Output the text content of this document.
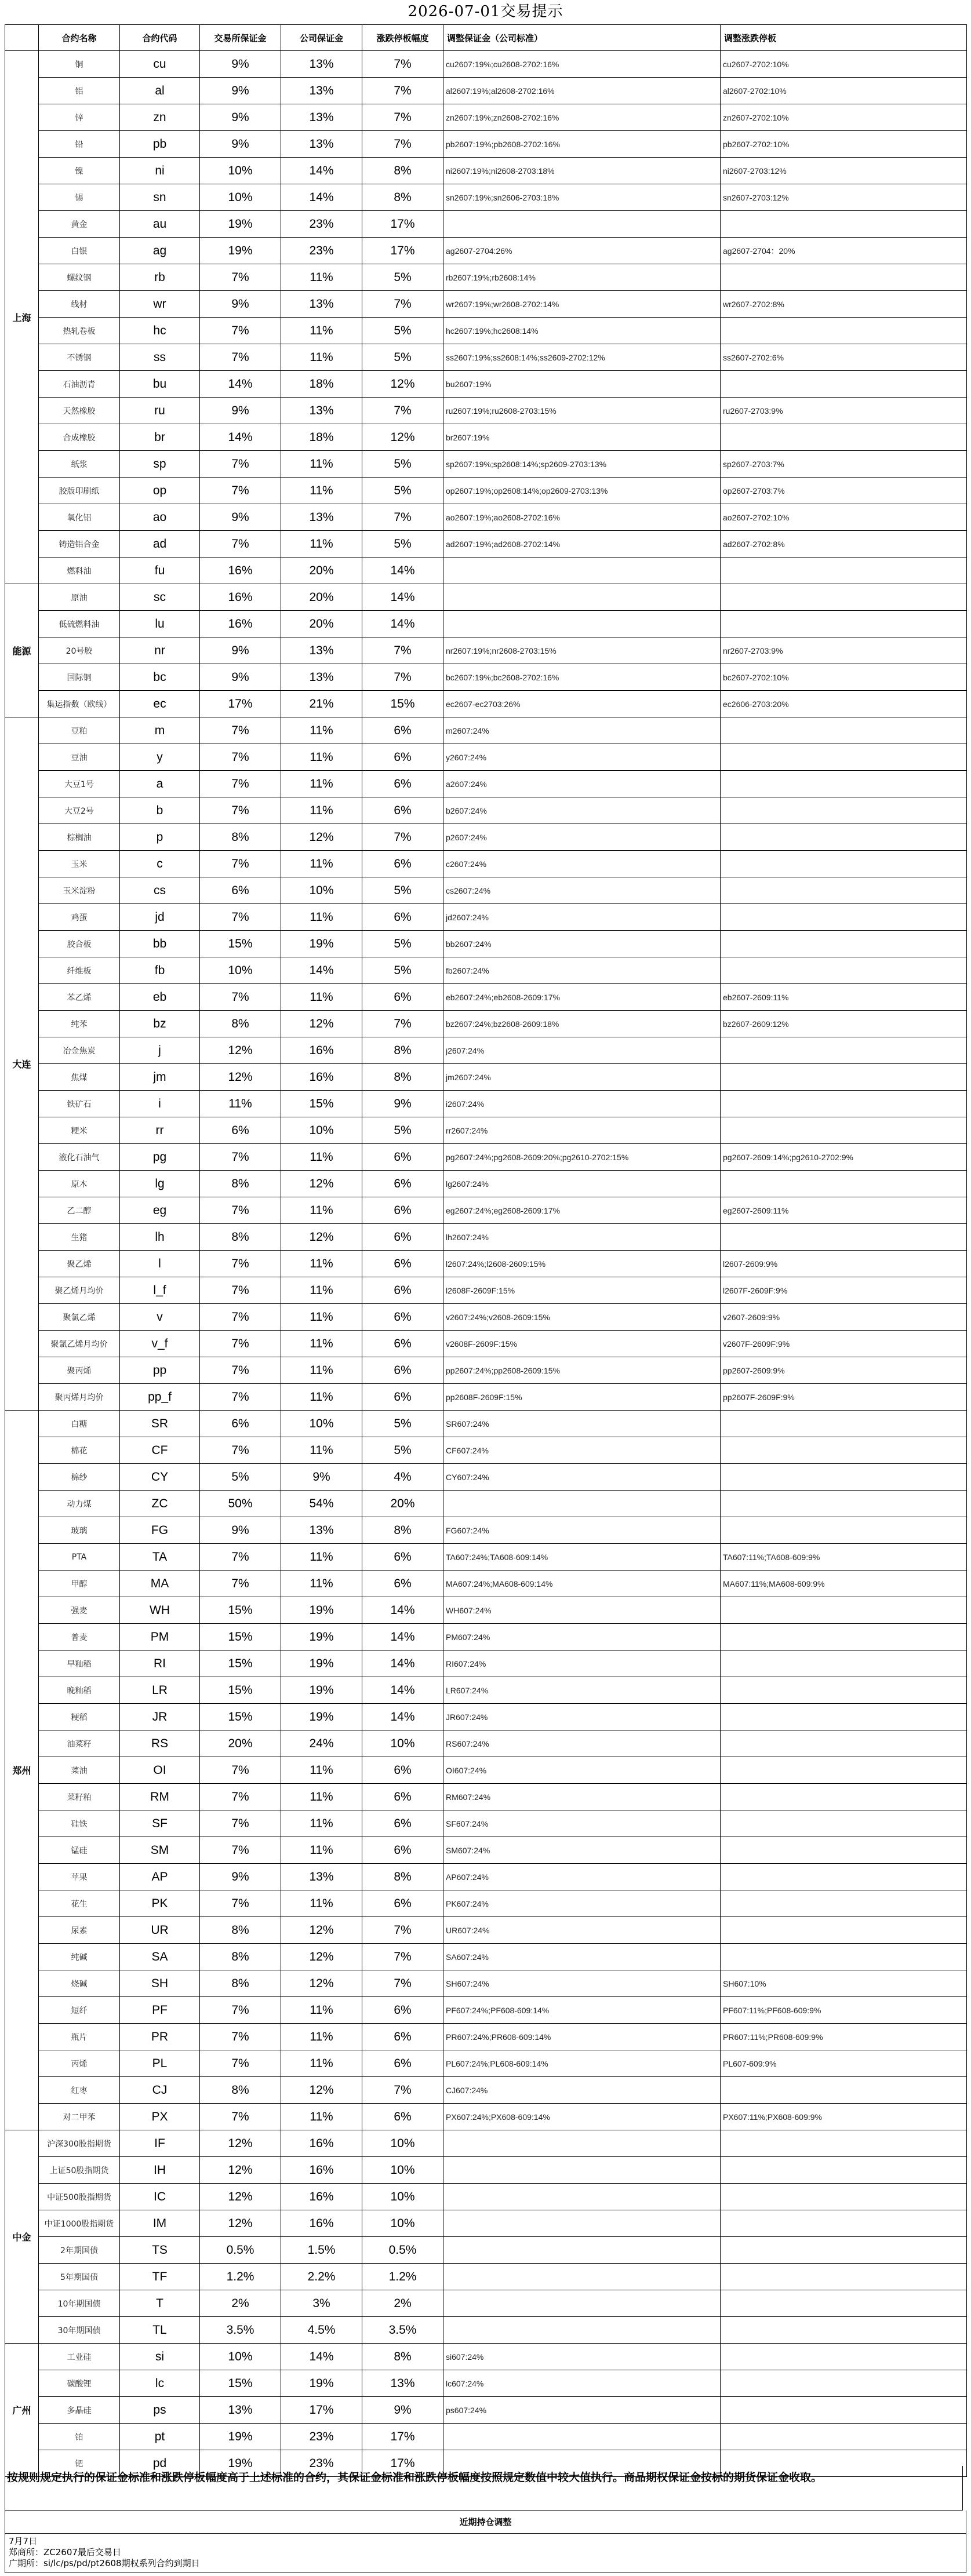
2026-07-01交易提示
	合约名称	合约代码	交易所保证金	公司保证金	涨跌停板幅度	调整保证金（公司标准）	调整涨跌停板
上海	铜	cu	9%	13%	7%	cu2607:19%;cu2608-2702:16%	cu2607-2702:10%
	铝	al	9%	13%	7%	al2607:19%;al2608-2702:16%	al2607-2702:10%
	锌	zn	9%	13%	7%	zn2607:19%;zn2608-2702:16%	zn2607-2702:10%
	铅	pb	9%	13%	7%	pb2607:19%;pb2608-2702:16%	pb2607-2702:10%
	镍	ni	10%	14%	8%	ni2607:19%;ni2608-2703:18%	ni2607-2703:12%
	锡	sn	10%	14%	8%	sn2607:19%;sn2606-2703:18%	sn2607-2703:12%
	黄金	au	19%	23%	17%		
	白银	ag	19%	23%	17%	ag2607-2704:26%	ag2607-2704：20%
	螺纹钢	rb	7%	11%	5%	rb2607:19%;rb2608:14%	
	线材	wr	9%	13%	7%	wr2607:19%;wr2608-2702:14%	wr2607-2702:8%
	热轧卷板	hc	7%	11%	5%	hc2607:19%;hc2608:14%	
	不锈钢	ss	7%	11%	5%	ss2607:19%;ss2608:14%;ss2609-2702:12%	ss2607-2702:6%
	石油沥青	bu	14%	18%	12%	bu2607:19%	
	天然橡胶	ru	9%	13%	7%	ru2607:19%;ru2608-2703:15%	ru2607-2703:9%
	合成橡胶	br	14%	18%	12%	br2607:19%	
	纸浆	sp	7%	11%	5%	sp2607:19%;sp2608:14%;sp2609-2703:13%	sp2607-2703:7%
	胶版印刷纸	op	7%	11%	5%	op2607:19%;op2608:14%;op2609-2703:13%	op2607-2703:7%
	氧化铝	ao	9%	13%	7%	ao2607:19%;ao2608-2702:16%	ao2607-2702:10%
	铸造铝合金	ad	7%	11%	5%	ad2607:19%;ad2608-2702:14%	ad2607-2702:8%
	燃料油	fu	16%	20%	14%		
能源	原油	sc	16%	20%	14%		
	低硫燃料油	lu	16%	20%	14%		
	20号胶	nr	9%	13%	7%	nr2607:19%;nr2608-2703:15%	nr2607-2703:9%
	国际铜	bc	9%	13%	7%	bc2607:19%;bc2608-2702:16%	bc2607-2702:10%
	集运指数（欧线）	ec	17%	21%	15%	ec2607-ec2703:26%	ec2606-2703:20%
大连	豆粕	m	7%	11%	6%	m2607:24%	
	豆油	y	7%	11%	6%	y2607:24%	
	大豆1号	a	7%	11%	6%	a2607:24%	
	大豆2号	b	7%	11%	6%	b2607:24%	
	棕榈油	p	8%	12%	7%	p2607:24%	
	玉米	c	7%	11%	6%	c2607:24%	
	玉米淀粉	cs	6%	10%	5%	cs2607:24%	
	鸡蛋	jd	7%	11%	6%	jd2607:24%	
	胶合板	bb	15%	19%	5%	bb2607:24%	
	纤维板	fb	10%	14%	5%	fb2607:24%	
	苯乙烯	eb	7%	11%	6%	eb2607:24%;eb2608-2609:17%	eb2607-2609:11%
	纯苯	bz	8%	12%	7%	bz2607:24%;bz2608-2609:18%	bz2607-2609:12%
	冶金焦炭	j	12%	16%	8%	j2607:24%	
	焦煤	jm	12%	16%	8%	jm2607:24%	
	铁矿石	i	11%	15%	9%	i2607:24%	
	粳米	rr	6%	10%	5%	rr2607:24%	
	液化石油气	pg	7%	11%	6%	pg2607:24%;pg2608-2609:20%;pg2610-2702:15%	pg2607-2609:14%;pg2610-2702:9%
	原木	lg	8%	12%	6%	lg2607:24%	
	乙二醇	eg	7%	11%	6%	eg2607:24%;eg2608-2609:17%	eg2607-2609:11%
	生猪	lh	8%	12%	6%	lh2607:24%	
	聚乙烯	l	7%	11%	6%	l2607:24%;l2608-2609:15%	l2607-2609:9%
	聚乙烯月均价	l_f	7%	11%	6%	l2608F-2609F:15%	l2607F-2609F:9%
	聚氯乙烯	v	7%	11%	6%	v2607:24%;v2608-2609:15%	v2607-2609:9%
	聚氯乙烯月均价	v_f	7%	11%	6%	v2608F-2609F:15%	v2607F-2609F:9%
	聚丙烯	pp	7%	11%	6%	pp2607:24%;pp2608-2609:15%	pp2607-2609:9%
	聚丙烯月均价	pp_f	7%	11%	6%	pp2608F-2609F:15%	pp2607F-2609F:9%
郑州	白糖	SR	6%	10%	5%	SR607:24%	
	棉花	CF	7%	11%	5%	CF607:24%	
	棉纱	CY	5%	9%	4%	CY607:24%	
	动力煤	ZC	50%	54%	20%		
	玻璃	FG	9%	13%	8%	FG607:24%	
	PTA	TA	7%	11%	6%	TA607:24%;TA608-609:14%	TA607:11%;TA608-609:9%
	甲醇	MA	7%	11%	6%	MA607:24%;MA608-609:14%	MA607:11%;MA608-609:9%
	强麦	WH	15%	19%	14%	WH607:24%	
	普麦	PM	15%	19%	14%	PM607:24%	
	早籼稻	RI	15%	19%	14%	RI607:24%	
	晚籼稻	LR	15%	19%	14%	LR607:24%	
	粳稻	JR	15%	19%	14%	JR607:24%	
	油菜籽	RS	20%	24%	10%	RS607:24%	
	菜油	OI	7%	11%	6%	OI607:24%	
	菜籽粕	RM	7%	11%	6%	RM607:24%	
	硅铁	SF	7%	11%	6%	SF607:24%	
	锰硅	SM	7%	11%	6%	SM607:24%	
	苹果	AP	9%	13%	8%	AP607:24%	
	花生	PK	7%	11%	6%	PK607:24%	
	尿素	UR	8%	12%	7%	UR607:24%	
	纯碱	SA	8%	12%	7%	SA607:24%	
	烧碱	SH	8%	12%	7%	SH607:24%	SH607:10%
	短纤	PF	7%	11%	6%	PF607:24%;PF608-609:14%	PF607:11%;PF608-609:9%
	瓶片	PR	7%	11%	6%	PR607:24%;PR608-609:14%	PR607:11%;PR608-609:9%
	丙烯	PL	7%	11%	6%	PL607:24%;PL608-609:14%	PL607-609:9%
	红枣	CJ	8%	12%	7%	CJ607:24%	
	对二甲苯	PX	7%	11%	6%	PX607:24%;PX608-609:14%	PX607:11%;PX608-609:9%
中金	沪深300股指期货	IF	12%	16%	10%		
	上证50股指期货	IH	12%	16%	10%		
	中证500股指期货	IC	12%	16%	10%		
	中证1000股指期货	IM	12%	16%	10%		
	2年期国债	TS	0.5%	1.5%	0.5%		
	5年期国债	TF	1.2%	2.2%	1.2%		
	10年期国债	T	2%	3%	2%		
	30年期国债	TL	3.5%	4.5%	3.5%		
广州	工业硅	si	10%	14%	8%	si607:24%	
	碳酸锂	lc	15%	19%	13%	lc607:24%	
	多晶硅	ps	13%	17%	9%	ps607:24%	
	铂	pt	19%	23%	17%		
	钯	pd	19%	23%	17%		
按规则规定执行的保证金标准和涨跌停板幅度高于上述标准的合约，其保证金标准和涨跌停板幅度按照规定数值中较大值执行。商品期权保证金按标的期货保证金收取。
近期持仓调整
7月7日
郑商所：ZC2607最后交易日
广期所：si/lc/ps/pd/pt2608期权系列合约到期日
